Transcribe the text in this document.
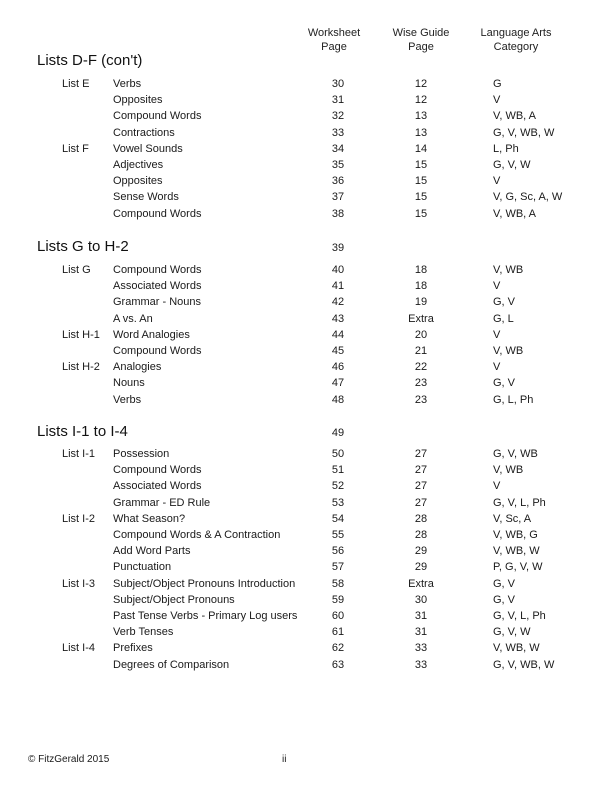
Worksheet
Page
Wise Guide
Page
Language Arts
Category
Lists D-F (con't)
List E Verbs	30	12	G
Opposites	31	12	V
Compound Words	32	13	V, WB, A
Contractions	33	13	G, V, WB, W
List F Vowel Sounds	34	14	L, Ph
Adjectives	35	15	G, V, W
Opposites	36	15	V
Sense Words	37	15	V, G, Sc, A, W
Compound Words	38	15	V, WB, A
Lists G to H-2	39
List G Compound Words	40	18	V, WB
Associated Words	41	18	V
Grammar - Nouns	42	19	G, V
A vs. An	43	Extra	G, L
List H-1 Word Analogies	44	20	V
Compound Words	45	21	V, WB
List H-2 Analogies	46	22	V
Nouns	47	23	G, V
Verbs	48	23	G, L, Ph
Lists I-1 to I-4	49
List I-1 Possession	50	27	G, V, WB
Compound Words	51	27	V, WB
Associated Words	52	27	V
Grammar - ED Rule	53	27	G, V, L, Ph
List I-2 What Season?	54	28	V, Sc, A
Compound Words & A Contraction	55	28	V, WB, G
Add Word Parts	56	29	V, WB, W
Punctuation	57	29	P, G, V, W
List I-3 Subject/Object Pronouns Introduction	58	Extra	G, V
Subject/Object Pronouns	59	30	G, V
Past Tense Verbs - Primary Log users	60	31	G, V, L, Ph
Verb Tenses	61	31	G, V, W
List I-4 Prefixes	62	33	V, WB, W
Degrees of Comparison	63	33	G, V, WB, W
© FitzGerald 2015	ii
